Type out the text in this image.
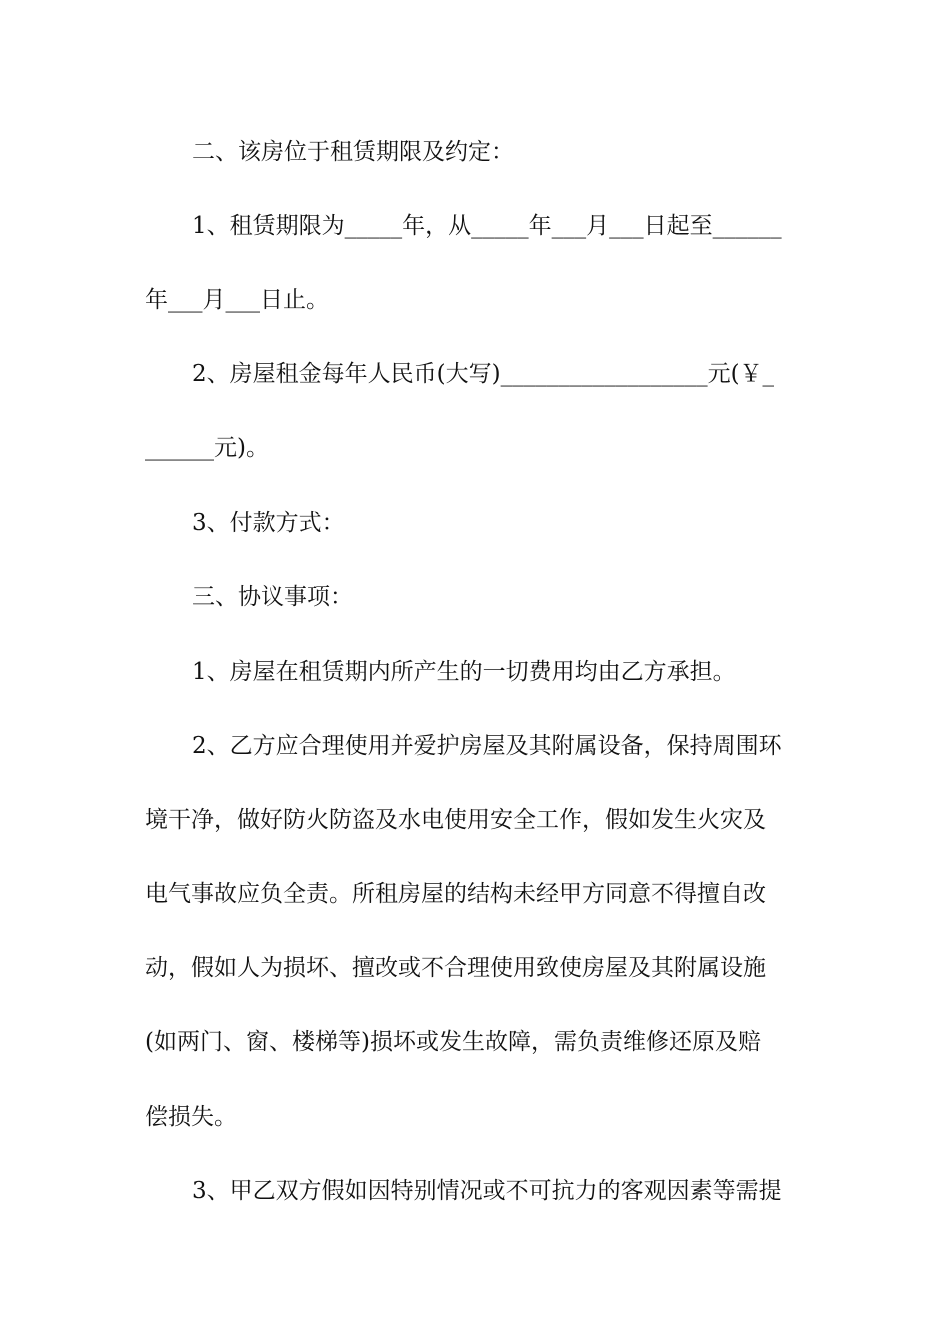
二、该房位于租赁期限及约定：
1、租赁期限为_____年，从_____年___月___日起至______
年___月___日止。
2、房屋租金每年人民币(大写)__________________元(￥_
______元)。
3、付款方式：
三、协议事项：
1、房屋在租赁期内所产生的一切费用均由乙方承担。
2、乙方应合理使用并爱护房屋及其附属设备，保持周围环
境干净，做好防火防盗及水电使用安全工作，假如发生火灾及
电气事故应负全责。所租房屋的结构未经甲方同意不得擅自改
动，假如人为损坏、擅改或不合理使用致使房屋及其附属设施
(如两门、窗、楼梯等)损坏或发生故障，需负责维修还原及赔
偿损失。
3、甲乙双方假如因特别情况或不可抗力的客观因素等需提
